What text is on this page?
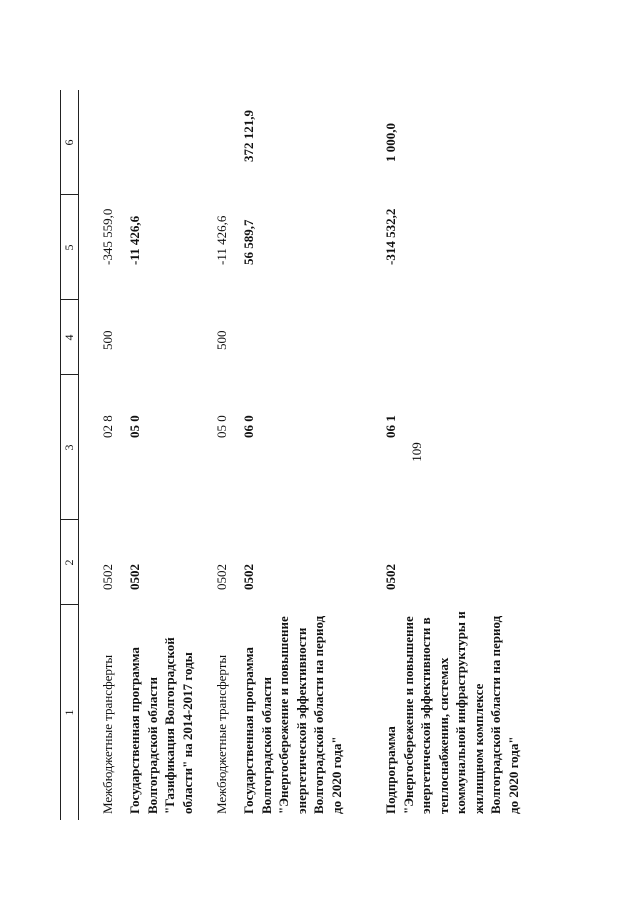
109
1
2
3
4
5
6
Межбюджетные трансферты
0502
02 8
500
-345 559,0
Государственная программа Волгоградской области "Газификация Волгоградской области" на 2014-2017 годы
0502
05 0
-11 426,6
Межбюджетные трансферты
0502
05 0
500
-11 426,6
Государственная программа Волгоградской области "Энергосбережение и повышение энергетической эффективности Волгоградской области на период до 2020 года"
0502
06 0
56 589,7
372 121,9
Подпрограмма "Энергосбережение и повышение энергетической эффективности в теплоснабжении, системах коммунальной инфраструктуры и жилищном комплексе Волгоградской области на период до 2020 года"
0502
06 1
-314 532,2
1 000,0
